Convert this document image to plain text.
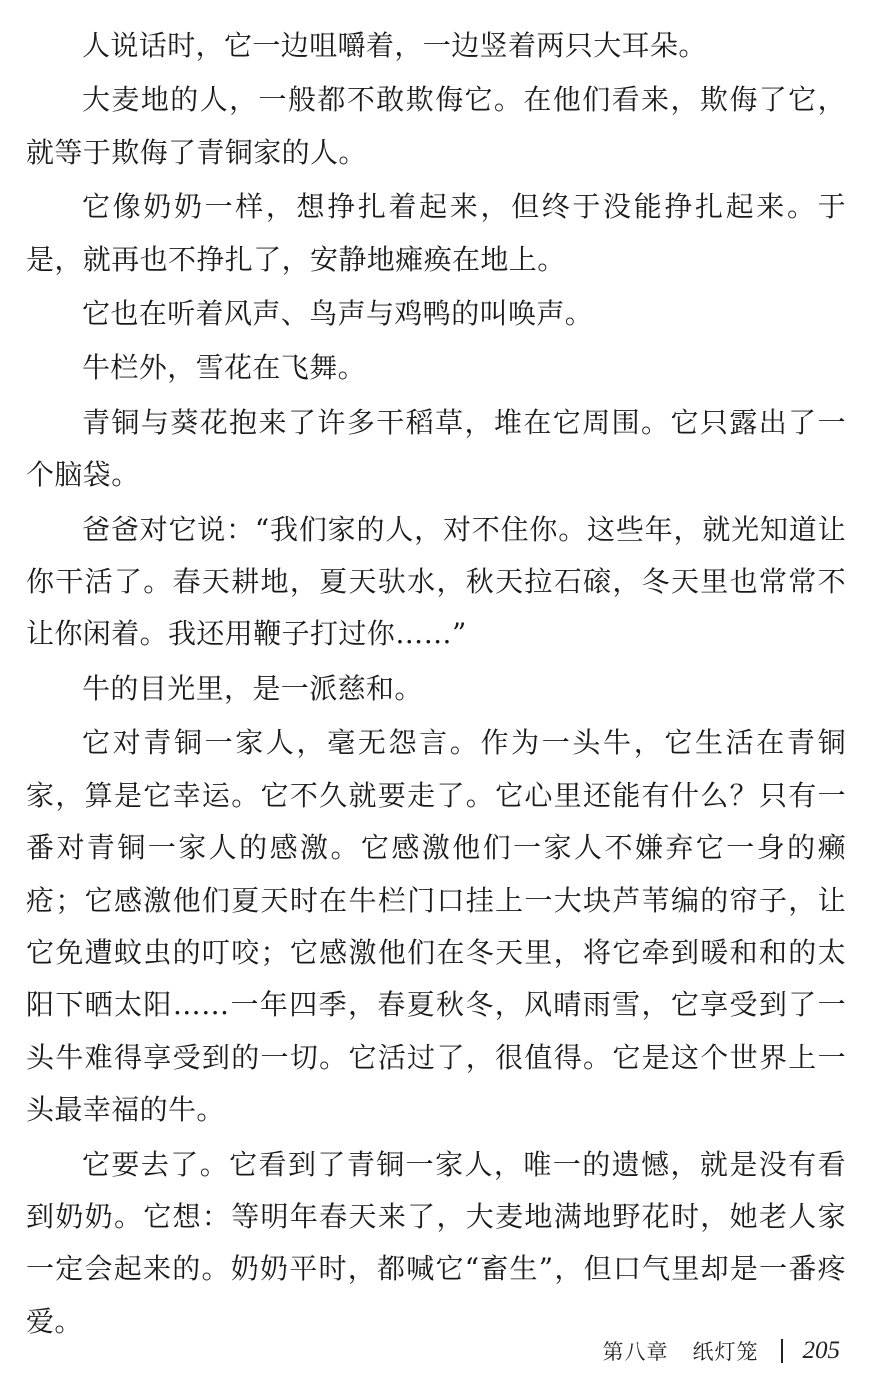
人说话时，它一边咀嚼着，一边竖着两只大耳朵。

大麦地的人，一般都不敢欺侮它。在他们看来，欺侮了它，就等于欺侮了青铜家的人。

它像奶奶一样，想挣扎着起来，但终于没能挣扎起来。于是，就再也不挣扎了，安静地瘫痪在地上。

它也在听着风声、鸟声与鸡鸭的叫唤声。

牛栏外，雪花在飞舞。

青铜与葵花抱来了许多干稻草，堆在它周围。它只露出了一个脑袋。

爸爸对它说：“我们家的人，对不住你。这些年，就光知道让你干活了。春天耕地，夏天驮水，秋天拉石磙，冬天里也常常不让你闲着。我还用鞭子打过你……”

牛的目光里，是一派慈和。

它对青铜一家人，毫无怨言。作为一头牛，它生活在青铜家，算是它幸运。它不久就要走了。它心里还能有什么？只有一番对青铜一家人的感激。它感激他们一家人不嫌弃它一身的癞疮；它感激他们夏天时在牛栏门口挂上一大块芦苇编的帘子，让它免遭蚊虫的叮咬；它感激他们在冬天里，将它牵到暖和和的太阳下晒太阳……一年四季，春夏秋冬，风晴雨雪，它享受到了一头牛难得享受到的一切。它活过了，很值得。它是这个世界上一头最幸福的牛。

它要去了。它看到了青铜一家人，唯一的遗憾，就是没有看到奶奶。它想：等明年春天来了，大麦地满地野花时，她老人家一定会起来的。奶奶平时，都喊它“畜生”，但口气里却是一番疼爱。

第八章 纸灯笼 205
